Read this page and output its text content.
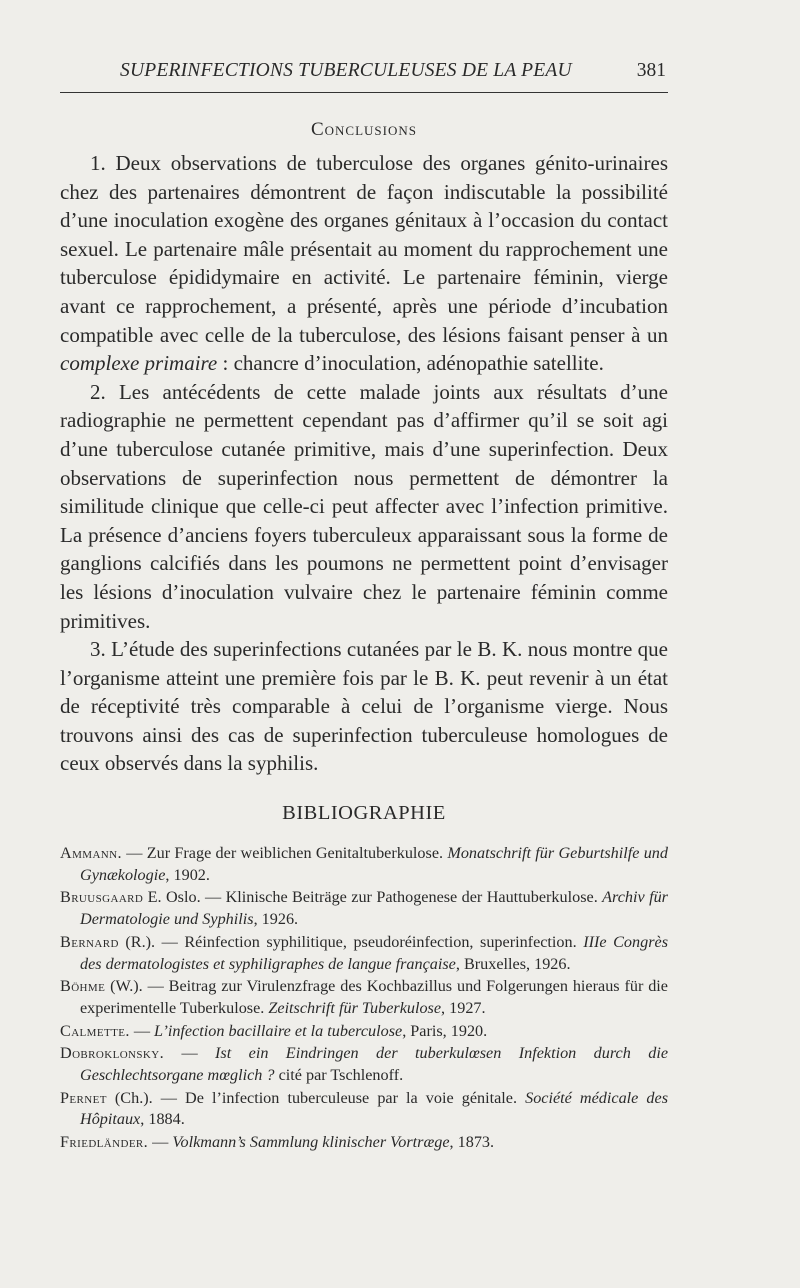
SUPERINFECTIONS TUBERCULEUSES DE LA PEAU	381
Conclusions

1. Deux observations de tuberculose des organes génito-urinaires chez des partenaires démontrent de façon indiscutable la possibilité d’une inoculation exogène des organes génitaux à l’occasion du contact sexuel. Le partenaire mâle présentait au moment du rapprochement une tuberculose épididymaire en activité. Le partenaire féminin, vierge avant ce rapprochement, a présenté, après une période d’incubation compatible avec celle de la tuberculose, des lésions faisant penser à un complexe primaire : chancre d’inoculation, adénopathie satellite.

2. Les antécédents de cette malade joints aux résultats d’une radiographie ne permettent cependant pas d’affirmer qu’il se soit agi d’une tuberculose cutanée primitive, mais d’une superinfection. Deux observations de superinfection nous permettent de démontrer la similitude clinique que celle-ci peut affecter avec l’infection primitive. La présence d’anciens foyers tuberculeux apparaissant sous la forme de ganglions calcifiés dans les poumons ne permettent point d’envisager les lésions d’inoculation vulvaire chez le partenaire féminin comme primitives.

3. L’étude des superinfections cutanées par le B. K. nous montre que l’organisme atteint une première fois par le B. K. peut revenir à un état de réceptivité très comparable à celui de l’organisme vierge. Nous trouvons ainsi des cas de superinfection tuberculeuse homologues de ceux observés dans la syphilis.

BIBLIOGRAPHIE

Ammann. — Zur Frage der weiblichen Genitaltuberkulose. Monatschrift für Geburtshilfe und Gynækologie, 1902.

Bruusgaard E. Oslo. — Klinische Beiträge zur Pathogenese der Hauttuberkulose. Archiv für Dermatologie und Syphilis, 1926.

Bernard (R.). — Réinfection syphilitique, pseudoréinfection, superinfection. IIIe Congrès des dermatologistes et syphiligraphes de langue française, Bruxelles, 1926.

Böhme (W.). — Beitrag zur Virulenzfrage des Kochbazillus und Folgerungen hieraus für die experimentelle Tuberkulose. Zeitschrift für Tuberkulose, 1927.

Calmette. — L’infection bacillaire et la tuberculose, Paris, 1920.

Dobroklonsky. — Ist ein Eindringen der tuberkulœsen Infektion durch die Geschlechtsorgane mœglich ? cité par Tschlenoff.

Pernet (Ch.). — De l’infection tuberculeuse par la voie génitale. Société médicale des Hôpitaux, 1884.

Friedländer. — Volkmann’s Sammlung klinischer Vortræge, 1873.
